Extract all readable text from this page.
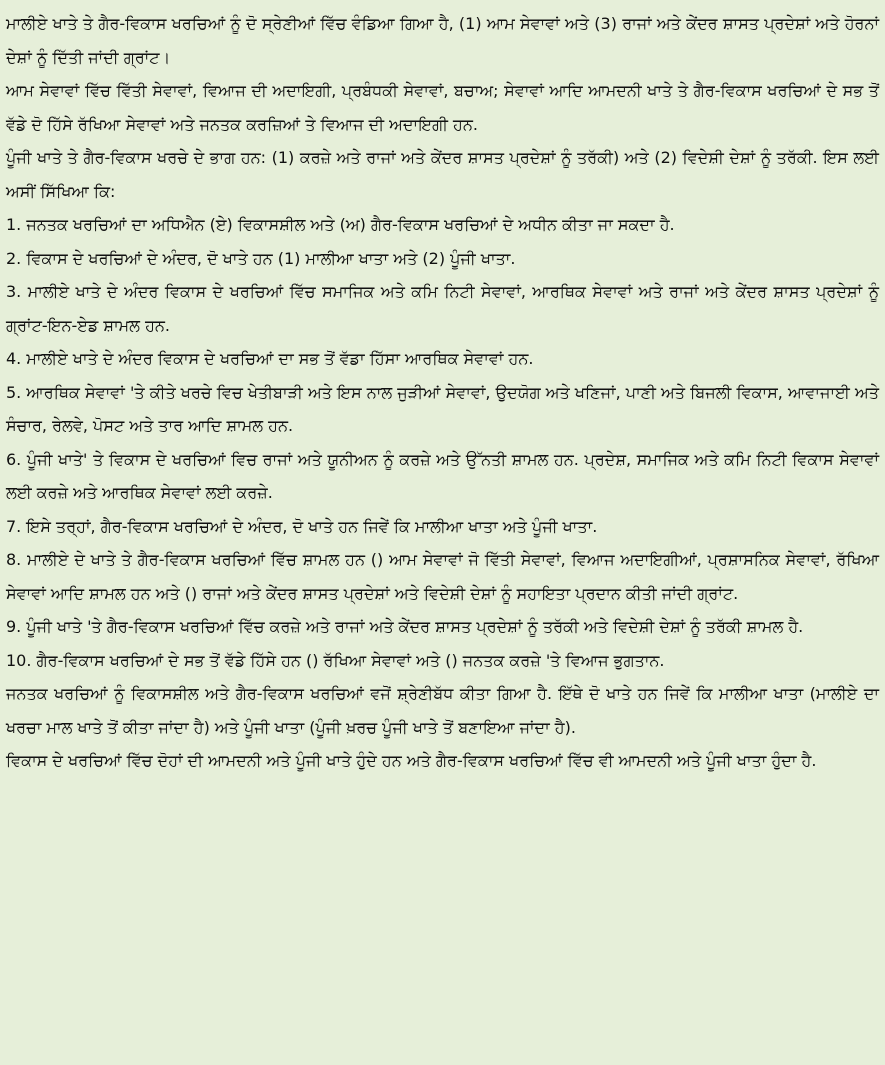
ਮਾਲੀਏ ਖਾਤੇ ਤੇ ਗੈਰ-ਵਿਕਾਸ ਖਰਚਿਆਂ ਨੂੰ ਦੋ ਸ੍ਰੇਣੀਆਂ ਵਿੱਚ ਵੰਡਿਆ ਗਿਆ ਹੈ, (1) ਆਮ ਸੇਵਾਵਾਂ ਅਤੇ (3) ਰਾਜਾਂ ਅਤੇ ਕੇਂਦਰ ਸ਼ਾਸਤ ਪ੍ਰਦੇਸ਼ਾਂ ਅਤੇ ਹੋਰਨਾਂ ਦੇਸ਼ਾਂ ਨੂੰ ਦਿੱਤੀ ਜਾਂਦੀ ਗ੍ਰਾਂਟ।

ਆਮ ਸੇਵਾਵਾਂ ਵਿੱਚ ਵਿੱਤੀ ਸੇਵਾਵਾਂ, ਵਿਆਜ ਦੀ ਅਦਾਇਗੀ, ਪ੍ਰਬੰਧਕੀ ਸੇਵਾਵਾਂ, ਬਚਾਅ; ਸੇਵਾਵਾਂ ਆਦਿ ਆਮਦਨੀ ਖਾਤੇ ਤੇ ਗੈਰ-ਵਿਕਾਸ ਖਰਚਿਆਂ ਦੇ ਸਭ ਤੋਂ ਵੱਡੇ ਦੋ ਹਿੱਸੇ ਰੱਖਿਆ ਸੇਵਾਵਾਂ ਅਤੇ ਜਨਤਕ ਕਰਜ਼ਿਆਂ ਤੇ ਵਿਆਜ ਦੀ ਅਦਾਇਗੀ ਹਨ.

ਪੂੰਜੀ ਖਾਤੇ ਤੇ ਗੈਰ-ਵਿਕਾਸ ਖਰਚੇ ਦੇ ਭਾਗ ਹਨ: (1) ਕਰਜ਼ੇ ਅਤੇ ਰਾਜਾਂ ਅਤੇ ਕੇਂਦਰ ਸ਼ਾਸਤ ਪ੍ਰਦੇਸ਼ਾਂ ਨੂੰ ਤਰੱਕੀ) ਅਤੇ (2) ਵਿਦੇਸ਼ੀ ਦੇਸ਼ਾਂ ਨੂੰ ਤਰੱਕੀ. ਇਸ ਲਈ ਅਸੀਂ ਸਿੱਖਿਆ ਕਿ:

1. ਜਨਤਕ ਖਰਚਿਆਂ ਦਾ ਅਧਿਐਨ (ਏ) ਵਿਕਾਸਸ਼ੀਲ ਅਤੇ (ਅ) ਗੈਰ-ਵਿਕਾਸ ਖਰਚਿਆਂ ਦੇ ਅਧੀਨ ਕੀਤਾ ਜਾ ਸਕਦਾ ਹੈ.

2. ਵਿਕਾਸ ਦੇ ਖਰਚਿਆਂ ਦੇ ਅੰਦਰ, ਦੋ ਖਾਤੇ ਹਨ (1) ਮਾਲੀਆ ਖਾਤਾ ਅਤੇ (2) ਪੂੰਜੀ ਖਾਤਾ.

3. ਮਾਲੀਏ ਖਾਤੇ ਦੇ ਅੰਦਰ ਵਿਕਾਸ ਦੇ ਖਰਚਿਆਂ ਵਿੱਚ ਸਮਾਜਿਕ ਅਤੇ ਕਮਿ ਨਿਟੀ ਸੇਵਾਵਾਂ, ਆਰਥਿਕ ਸੇਵਾਵਾਂ ਅਤੇ ਰਾਜਾਂ ਅਤੇ ਕੇਂਦਰ ਸ਼ਾਸਤ ਪ੍ਰਦੇਸ਼ਾਂ ਨੂੰ ਗ੍ਰਾਂਟ-ਇਨ-ਏਡ ਸ਼ਾਮਲ ਹਨ.

4. ਮਾਲੀਏ ਖਾਤੇ ਦੇ ਅੰਦਰ ਵਿਕਾਸ ਦੇ ਖਰਚਿਆਂ ਦਾ ਸਭ ਤੋਂ ਵੱਡਾ ਹਿੱਸਾ ਆਰਥਿਕ ਸੇਵਾਵਾਂ ਹਨ.

5. ਆਰਥਿਕ ਸੇਵਾਵਾਂ 'ਤੇ ਕੀਤੇ ਖਰਚੇ ਵਿਚ ਖੇਤੀਬਾੜੀ ਅਤੇ ਇਸ ਨਾਲ ਜੁੜੀਆਂ ਸੇਵਾਵਾਂ, ਉਦਯੋਗ ਅਤੇ ਖਣਿਜਾਂ, ਪਾਣੀ ਅਤੇ ਬਿਜਲੀ ਵਿਕਾਸ, ਆਵਾਜਾਈ ਅਤੇ ਸੰਚਾਰ, ਰੇਲਵੇ, ਪੋਸਟ ਅਤੇ ਤਾਰ ਆਦਿ ਸ਼ਾਮਲ ਹਨ.

6. ਪੂੰਜੀ ਖਾਤੇ' ਤੇ ਵਿਕਾਸ ਦੇ ਖਰਚਿਆਂ ਵਿਚ ਰਾਜਾਂ ਅਤੇ ਯੂਨੀਅਨ ਨੂੰ ਕਰਜ਼ੇ ਅਤੇ ਉੱਨਤੀ ਸ਼ਾਮਲ ਹਨ. ਪ੍ਰਦੇਸ਼, ਸਮਾਜਿਕ ਅਤੇ ਕਮਿ ਨਿਟੀ ਵਿਕਾਸ ਸੇਵਾਵਾਂ ਲਈ ਕਰਜ਼ੇ ਅਤੇ ਆਰਥਿਕ ਸੇਵਾਵਾਂ ਲਈ ਕਰਜ਼ੇ.

7. ਇਸੇ ਤਰ੍ਹਾਂ, ਗੈਰ-ਵਿਕਾਸ ਖਰਚਿਆਂ ਦੇ ਅੰਦਰ, ਦੋ ਖਾਤੇ ਹਨ ਜਿਵੇਂ ਕਿ ਮਾਲੀਆ ਖਾਤਾ ਅਤੇ ਪੂੰਜੀ ਖਾਤਾ.

8. ਮਾਲੀਏ ਦੇ ਖਾਤੇ ਤੇ ਗੈਰ-ਵਿਕਾਸ ਖਰਚਿਆਂ ਵਿੱਚ ਸ਼ਾਮਲ ਹਨ () ਆਮ ਸੇਵਾਵਾਂ ਜੋ ਵਿੱਤੀ ਸੇਵਾਵਾਂ, ਵਿਆਜ ਅਦਾਇਗੀਆਂ, ਪ੍ਰਸ਼ਾਸਨਿਕ ਸੇਵਾਵਾਂ, ਰੱਖਿਆ ਸੇਵਾਵਾਂ ਆਦਿ ਸ਼ਾਮਲ ਹਨ ਅਤੇ () ਰਾਜਾਂ ਅਤੇ ਕੇਂਦਰ ਸ਼ਾਸਤ ਪ੍ਰਦੇਸ਼ਾਂ ਅਤੇ ਵਿਦੇਸ਼ੀ ਦੇਸ਼ਾਂ ਨੂੰ ਸਹਾਇਤਾ ਪ੍ਰਦਾਨ ਕੀਤੀ ਜਾਂਦੀ ਗ੍ਰਾਂਟ.

9. ਪੂੰਜੀ ਖਾਤੇ 'ਤੇ ਗੈਰ-ਵਿਕਾਸ ਖਰਚਿਆਂ ਵਿੱਚ ਕਰਜ਼ੇ ਅਤੇ ਰਾਜਾਂ ਅਤੇ ਕੇਂਦਰ ਸ਼ਾਸਤ ਪ੍ਰਦੇਸ਼ਾਂ ਨੂੰ ਤਰੱਕੀ ਅਤੇ ਵਿਦੇਸ਼ੀ ਦੇਸ਼ਾਂ ਨੂੰ ਤਰੱਕੀ ਸ਼ਾਮਲ ਹੈ.

10. ਗੈਰ-ਵਿਕਾਸ ਖਰਚਿਆਂ ਦੇ ਸਭ ਤੋਂ ਵੱਡੇ ਹਿੱਸੇ ਹਨ () ਰੱਖਿਆ ਸੇਵਾਵਾਂ ਅਤੇ () ਜਨਤਕ ਕਰਜ਼ੇ 'ਤੇ ਵਿਆਜ ਭੁਗਤਾਨ.

ਜਨਤਕ ਖਰਚਿਆਂ ਨੂੰ ਵਿਕਾਸਸ਼ੀਲ ਅਤੇ ਗੈਰ-ਵਿਕਾਸ ਖਰਚਿਆਂ ਵਜੋਂ ਸ਼੍ਰੇਣੀਬੱਧ ਕੀਤਾ ਗਿਆ ਹੈ. ਇੱਥੇ ਦੋ ਖਾਤੇ ਹਨ ਜਿਵੇਂ ਕਿ ਮਾਲੀਆ ਖਾਤਾ (ਮਾਲੀਏ ਦਾ ਖਰਚਾ ਮਾਲ ਖਾਤੇ ਤੋਂ ਕੀਤਾ ਜਾਂਦਾ ਹੈ) ਅਤੇ ਪੂੰਜੀ ਖਾਤਾ (ਪੂੰਜੀ ਖ਼ਰਚ ਪੂੰਜੀ ਖਾਤੇ ਤੋਂ ਬਣਾਇਆ ਜਾਂਦਾ ਹੈ).

ਵਿਕਾਸ ਦੇ ਖਰਚਿਆਂ ਵਿੱਚ ਦੋਹਾਂ ਦੀ ਆਮਦਨੀ ਅਤੇ ਪੂੰਜੀ ਖਾਤੇ ਹੁੰਦੇ ਹਨ ਅਤੇ ਗੈਰ-ਵਿਕਾਸ ਖਰਚਿਆਂ ਵਿੱਚ ਵੀ ਆਮਦਨੀ ਅਤੇ ਪੂੰਜੀ ਖਾਤਾ ਹੁੰਦਾ ਹੈ.
